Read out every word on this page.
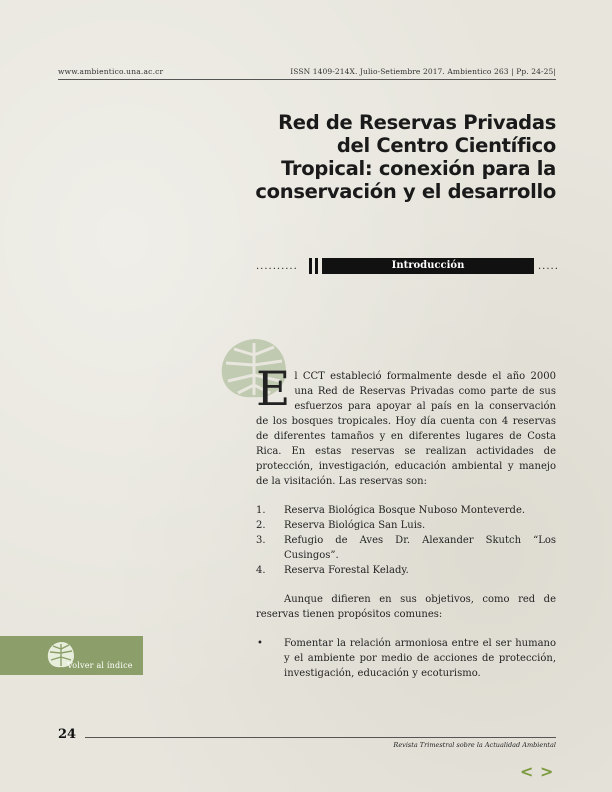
www.ambientico.una.ac.cr	ISSN 1409-214X. Julio-Setiembre 2017. Ambientico 263 | Pp. 24-25|
Red de Reservas Privadas
del Centro Científico
Tropical: conexión para la
conservación y el desarrollo
..........	Introducción	.....

El CCT estableció formalmente desde el año 2000 una Red de Reservas Privadas como parte de sus esfuerzos para apoyar al país en la conservación de los bosques tropicales. Hoy día cuenta con 4 reservas de diferentes tamaños y en diferentes lugares de Costa Rica. En estas reservas se realizan actividades de protección, investigación, educación ambiental y manejo de la visitación. Las reservas son:

1. Reserva Biológica Bosque Nuboso Monteverde.
2. Reserva Biológica San Luis.
3. Refugio de Aves Dr. Alexander Skutch “Los Cusingos”.
4. Reserva Forestal Kelady.

Aunque difieren en sus objetivos, como red de reservas tienen propósitos comunes:

• Fomentar la relación armoniosa entre el ser humano y el ambiente por medio de acciones de protección, investigación, educación y ecoturismo.
Volver al índice
24
Revista Trimestral sobre la Actualidad Ambiental
< >
